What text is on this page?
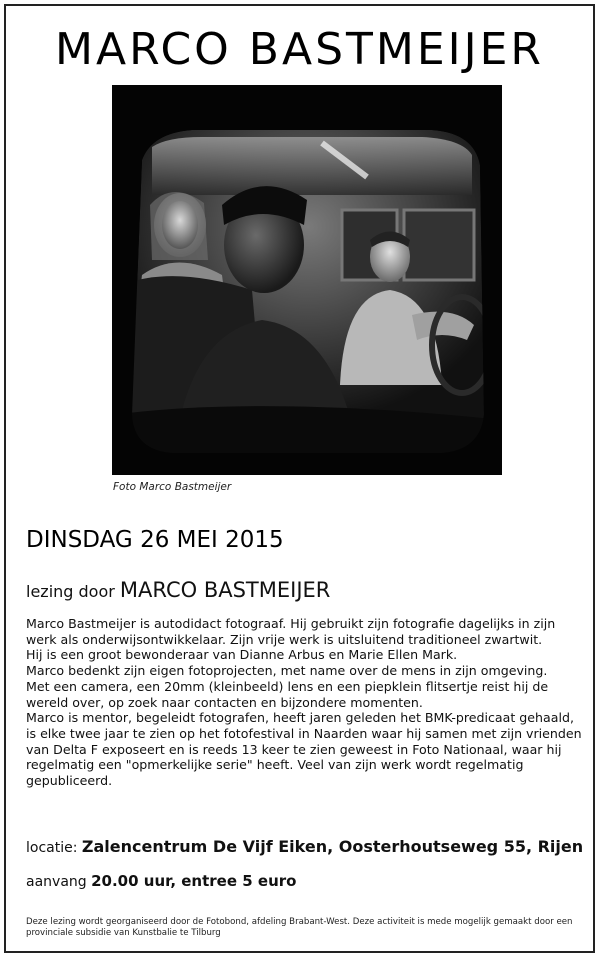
MARCO BASTMEIJER
Foto Marco Bastmeijer
DINSDAG 26 MEI 2015
lezing door MARCO BASTMEIJER

Marco Bastmeijer is autodidact fotograaf. Hij gebruikt zijn fotografie dagelijks in zijn werk als onderwijsontwikkelaar. Zijn vrije werk is uitsluitend traditioneel zwartwit.

Hij is een groot bewonderaar van Dianne Arbus en Marie Ellen Mark.

Marco bedenkt zijn eigen fotoprojecten, met name over de mens in zijn omgeving.

Met een camera, een 20mm (kleinbeeld) lens en een piepklein flitsertje reist hij de wereld over, op zoek naar contacten en bijzondere momenten.

Marco is mentor, begeleidt fotografen, heeft jaren geleden het BMK-predicaat gehaald, is elke twee jaar te zien op het fotofestival in Naarden waar hij samen met zijn vrienden van Delta F exposeert en is reeds 13 keer te zien geweest in Foto Nationaal, waar hij regelmatig een "opmerkelijke serie" heeft. Veel van zijn werk wordt regelmatig gepubliceerd.

locatie: Zalencentrum De Vijf Eiken, Oosterhoutseweg 55, Rijen
aanvang 20.00 uur, entree 5 euro
Deze lezing wordt georganiseerd door de Fotobond, afdeling Brabant-West. Deze activiteit is mede mogelijk gemaakt door een provinciale subsidie van Kunstbalie te Tilburg
